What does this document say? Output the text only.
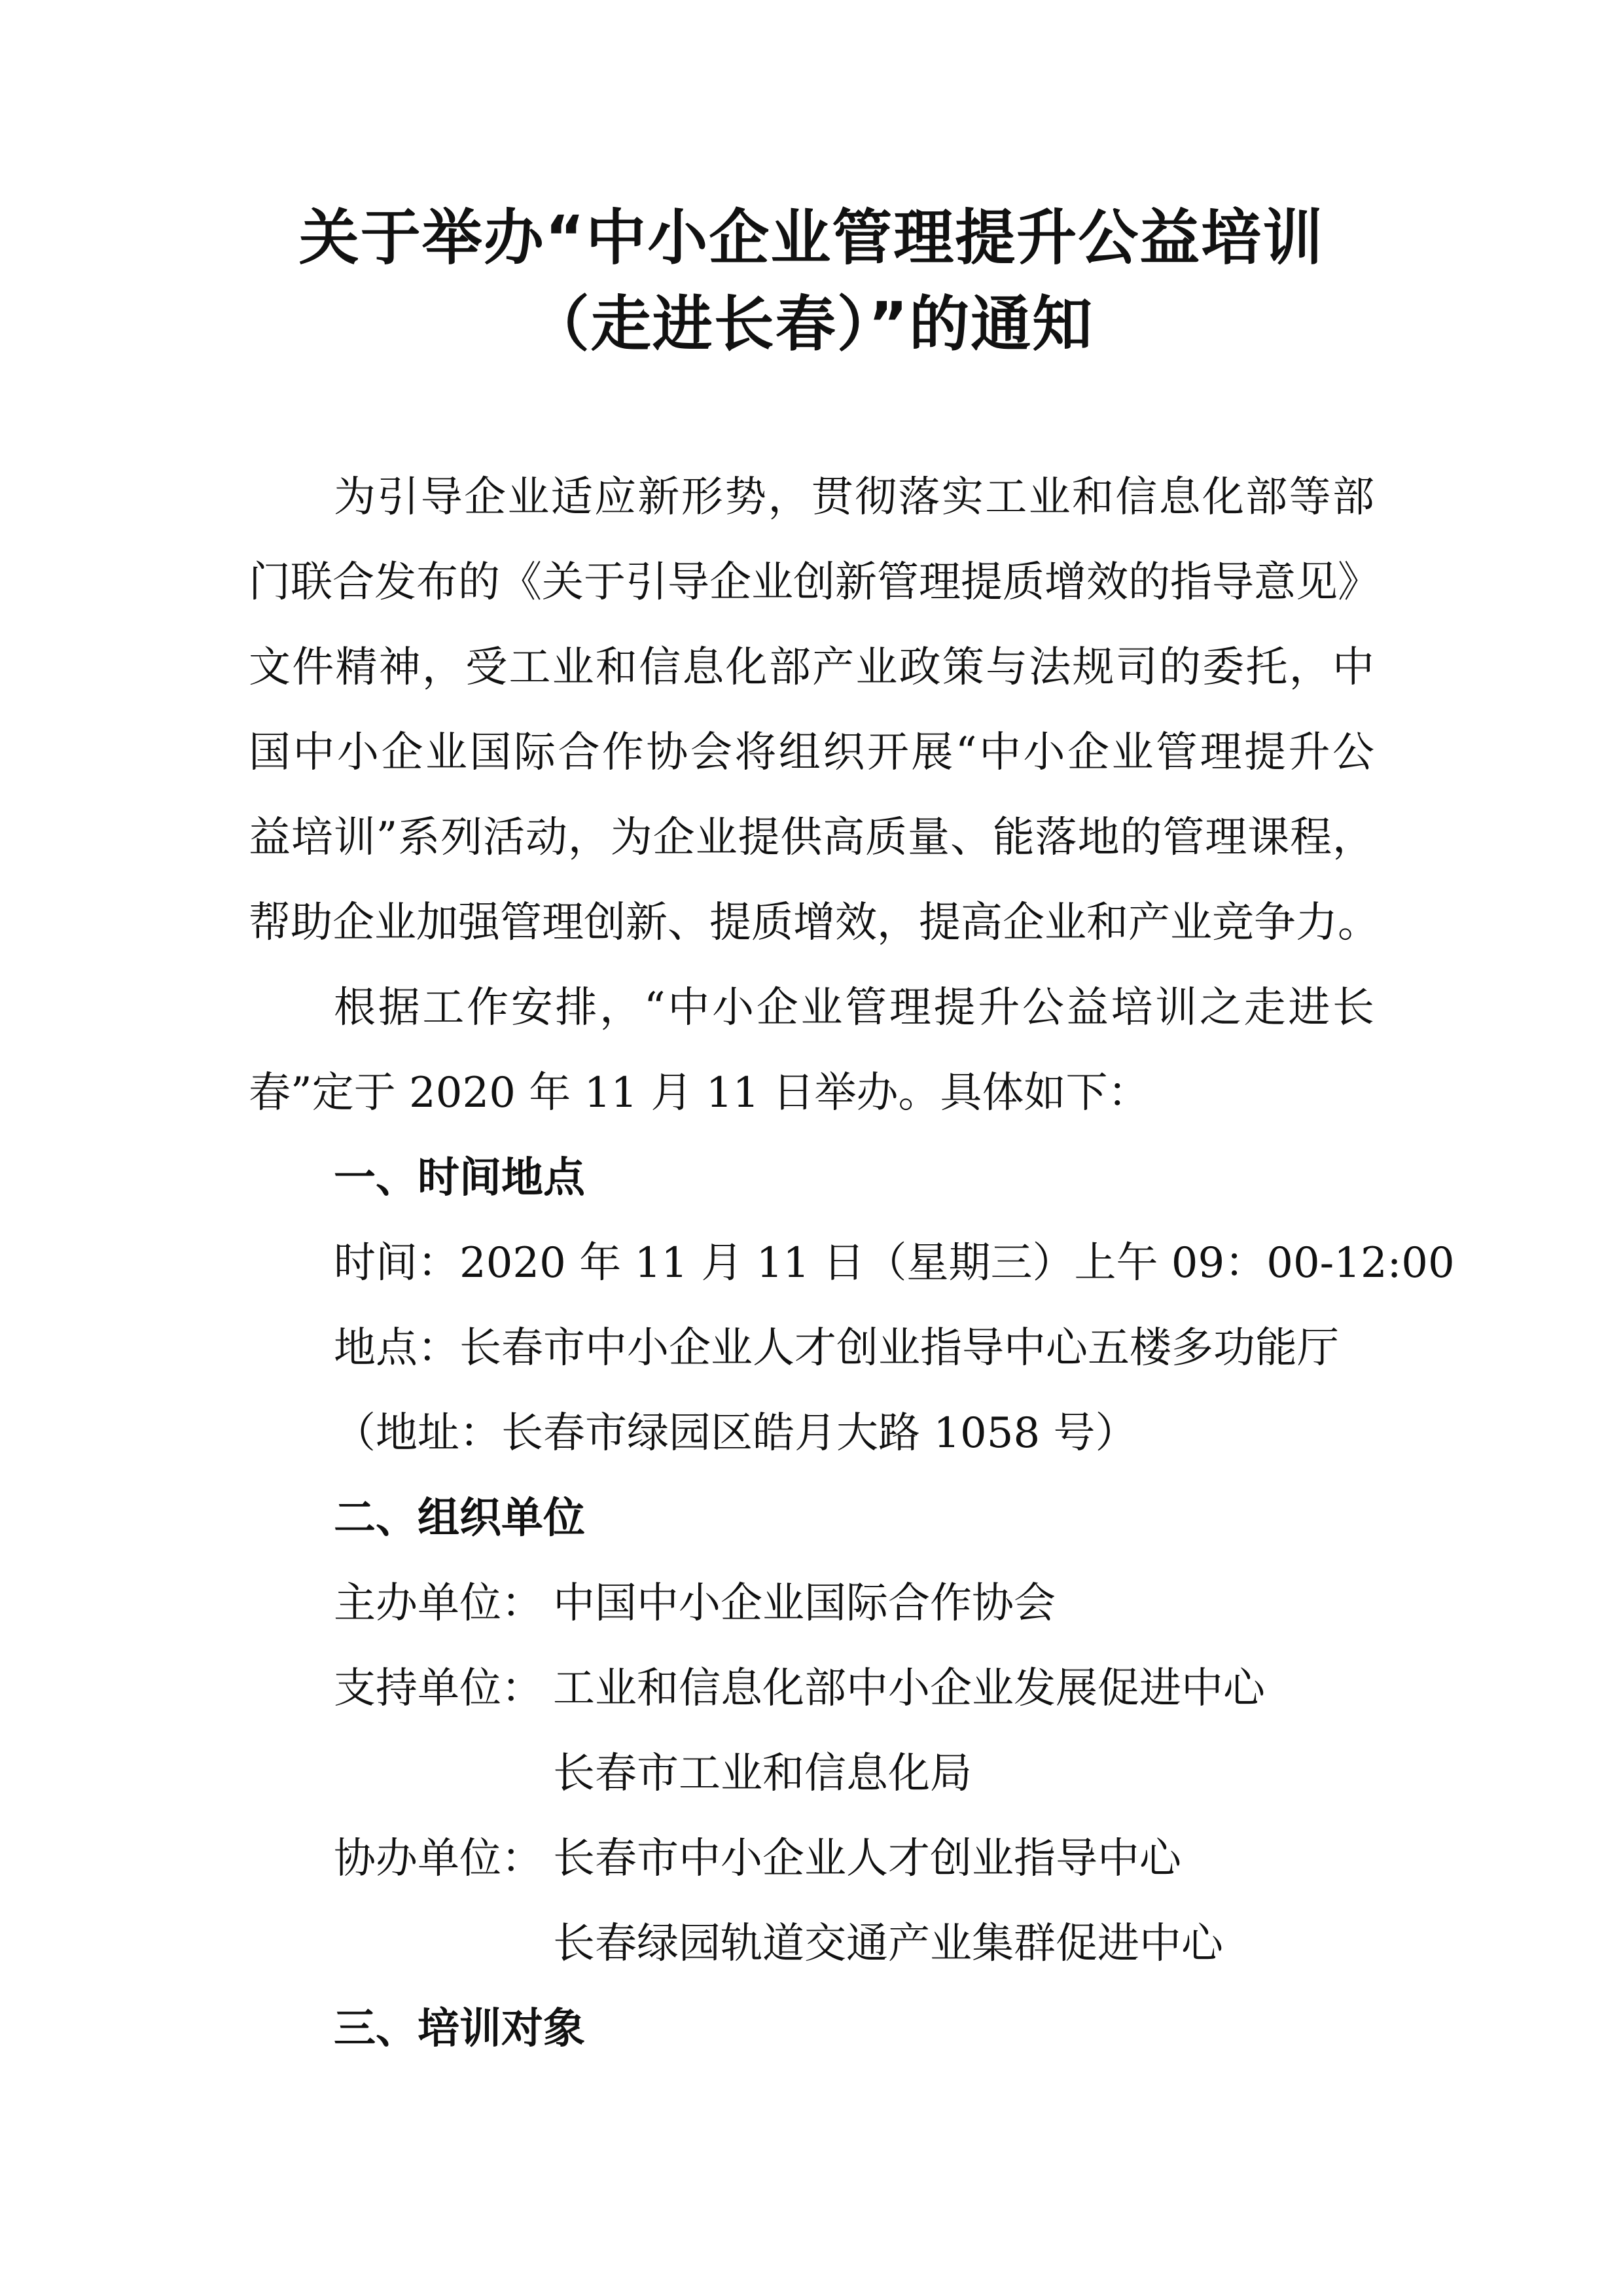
关于举办“中小企业管理提升公益培训
（走进长春）”的通知
为引导企业适应新形势，贯彻落实工业和信息化部等部
门联合发布的《关于引导企业创新管理提质增效的指导意见》
文件精神，受工业和信息化部产业政策与法规司的委托，中
国中小企业国际合作协会将组织开展“中小企业管理提升公
益培训”系列活动，为企业提供高质量、能落地的管理课程，
帮助企业加强管理创新、提质增效，提高企业和产业竞争力。
根据工作安排，“中小企业管理提升公益培训之走进长
春”定于 2020 年 11 月 11 日举办。具体如下：
一、时间地点
时间：2020 年 11 月 11 日（星期三）上午 09：00-12:00
地点：长春市中小企业人才创业指导中心五楼多功能厅
（地址：长春市绿园区皓月大路 1058 号）
二、组织单位
主办单位： 中国中小企业国际合作协会
支持单位： 工业和信息化部中小企业发展促进中心
长春市工业和信息化局
协办单位： 长春市中小企业人才创业指导中心
长春绿园轨道交通产业集群促进中心
三、培训对象
